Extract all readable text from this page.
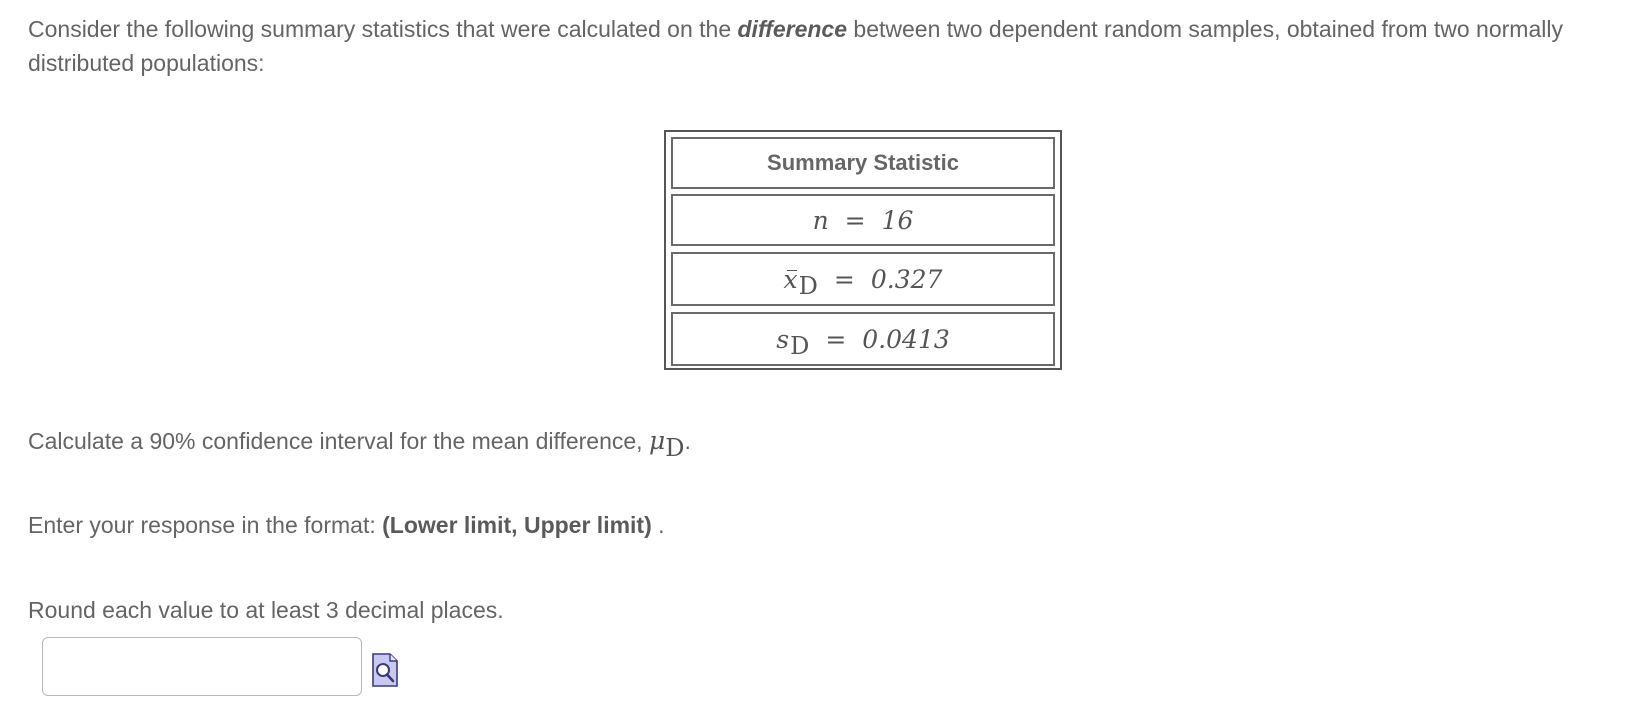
Consider the following summary statistics that were calculated on the difference between two dependent random samples, obtained from two normally distributed populations:

Summary Statistic
n = 16
xD = 0.327
sD = 0.0413

Calculate a 90% confidence interval for the mean difference, μD.

Enter your response in the format: (Lower limit, Upper limit) .

Round each value to at least 3 decimal places.
